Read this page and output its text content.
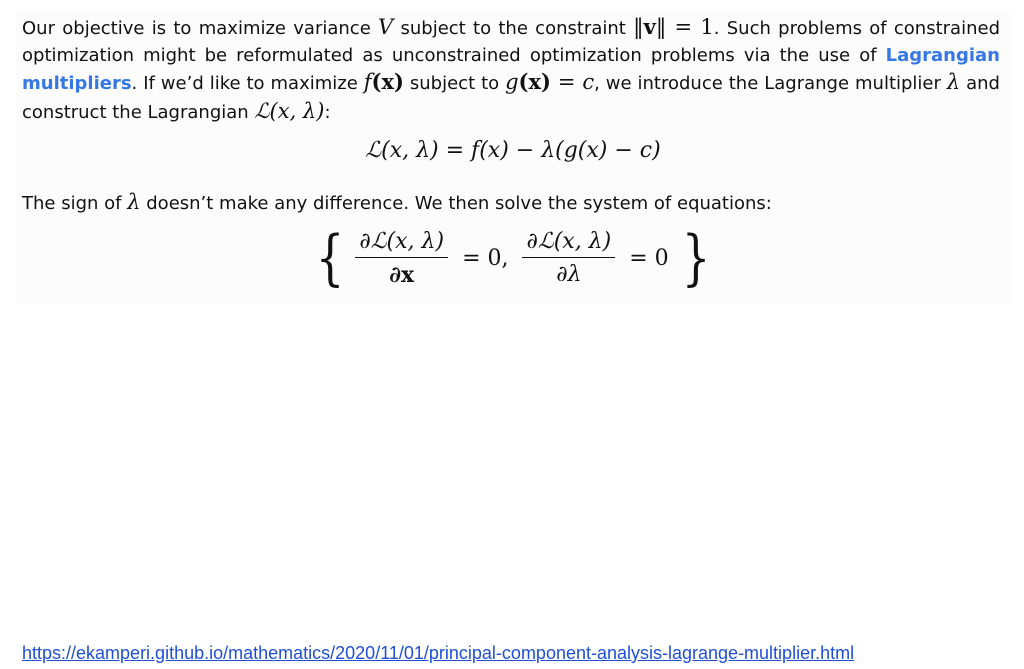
Our objective is to maximize variance V subject to the constraint ‖v‖ = 1. Such problems of constrained optimization might be reformulated as unconstrained optimization problems via the use of Lagrangian multipliers. If we’d like to maximize f(x) subject to g(x) = c, we introduce the Lagrange multiplier λ and construct the Lagrangian ℒ(x, λ):

ℒ(x, λ) = f(x) − λ(g(x) − c)

The sign of λ doesn’t make any difference. We then solve the system of equations:

{ $\frac{\text{∂ℒ(x, λ)}}{\partial x} = 0$, $\frac{\text{∂ℒ(x, λ)}}{\partial\lambda} = 0$ }
https://ekamperi.github.io/mathematics/2020/11/01/principal-component-analysis-lagrange-multiplier.html
